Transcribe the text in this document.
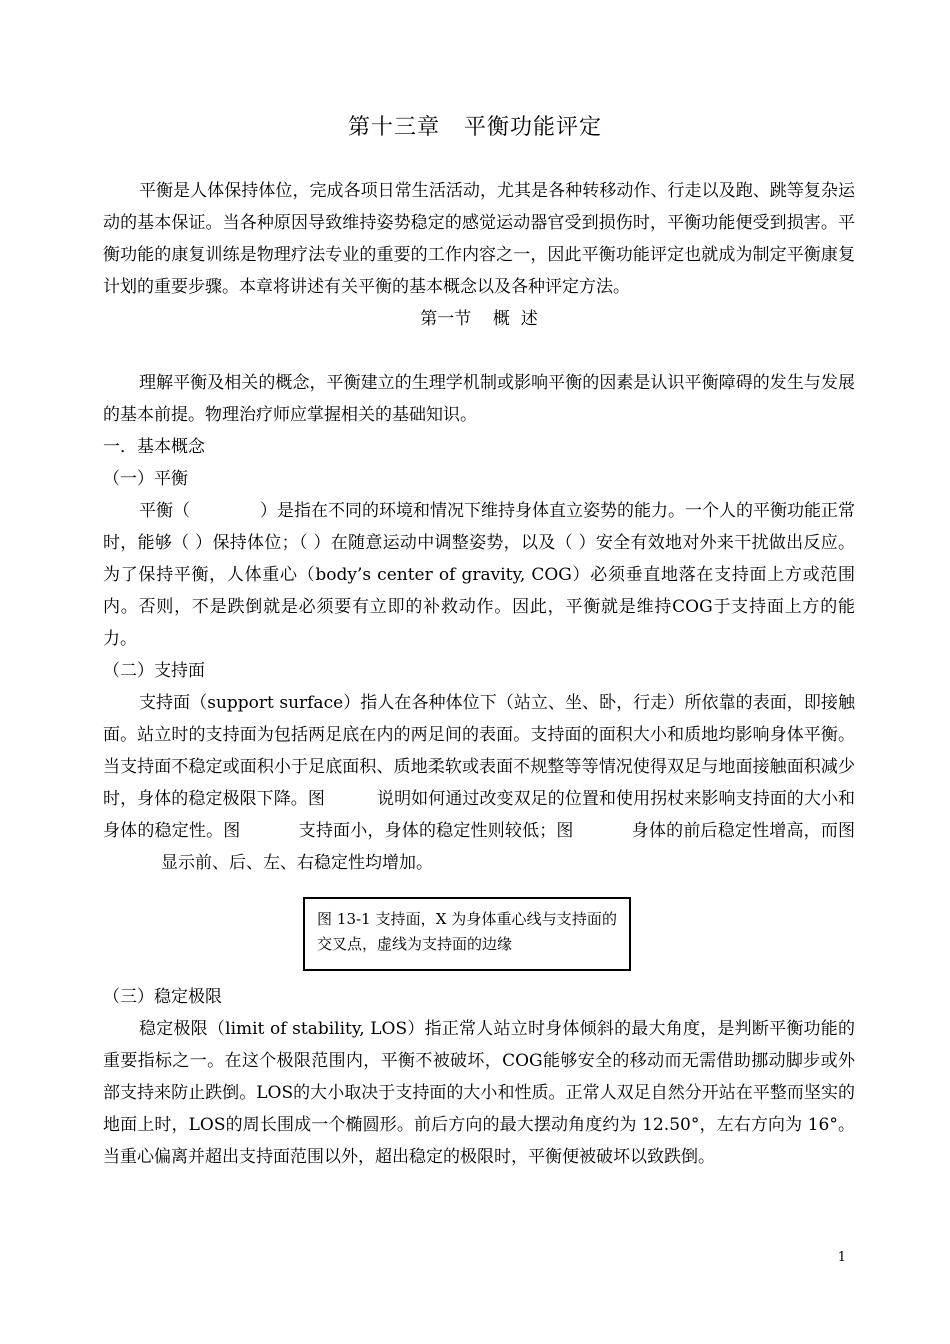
第十三章   平衡功能评定

平衡是人体保持体位，完成各项日常生活活动，尤其是各种转移动作、行走以及跑、跳等复杂运动的基本保证。当各种原因导致维持姿势稳定的感觉运动器官受到损伤时，平衡功能便受到损害。平衡功能的康复训练是物理疗法专业的重要的工作内容之一，因此平衡功能评定也就成为制定平衡康复计划的重要步骤。本章将讲述有关平衡的基本概念以及各种评定方法。

第一节    概  述

理解平衡及相关的概念，平衡建立的生理学机制或影响平衡的因素是认识平衡障碍的发生与发展的基本前提。物理治疗师应掌握相关的基础知识。

一．基本概念

（一）平衡

平衡（	）是指在不同的环境和情况下维持身体直立姿势的能力。一个人的平衡功能正常时，能够（ ）保持体位；（ ）在随意运动中调整姿势，以及（ ）安全有效地对外来干扰做出反应。为了保持平衡，人体重心（body’s center of gravity, COG）必须垂直地落在支持面上方或范围内。否则，不是跌倒就是必须要有立即的补救动作。因此，平衡就是维持COG于支持面上方的能力。

（二）支持面

支持面（support surface）指人在各种体位下（站立、坐、卧，行走）所依靠的表面，即接触面。站立时的支持面为包括两足底在内的两足间的表面。支持面的面积大小和质地均影响身体平衡。当支持面不稳定或面积小于足底面积、质地柔软或表面不规整等等情况使得双足与地面接触面积减少时，身体的稳定极限下降。图	说明如何通过改变双足的位置和使用拐杖来影响支持面的大小和身体的稳定性。图	支持面小，身体的稳定性则较低；图	身体的前后稳定性增高，而图显示前、后、左、右稳定性均增加。

图 13-1 支持面，X 为身体重心线与支持面的交叉点，虚线为支持面的边缘

（三）稳定极限

稳定极限（limit of stability, LOS）指正常人站立时身体倾斜的最大角度，是判断平衡功能的重要指标之一。在这个极限范围内，平衡不被破坏，COG能够安全的移动而无需借助挪动脚步或外部支持来防止跌倒。LOS的大小取决于支持面的大小和性质。正常人双足自然分开站在平整而坚实的地面上时，LOS的周长围成一个椭圆形。前后方向的最大摆动角度约为 12.50°，左右方向为 16°。当重心偏离并超出支持面范围以外，超出稳定的极限时，平衡便被破坏以致跌倒。

1
